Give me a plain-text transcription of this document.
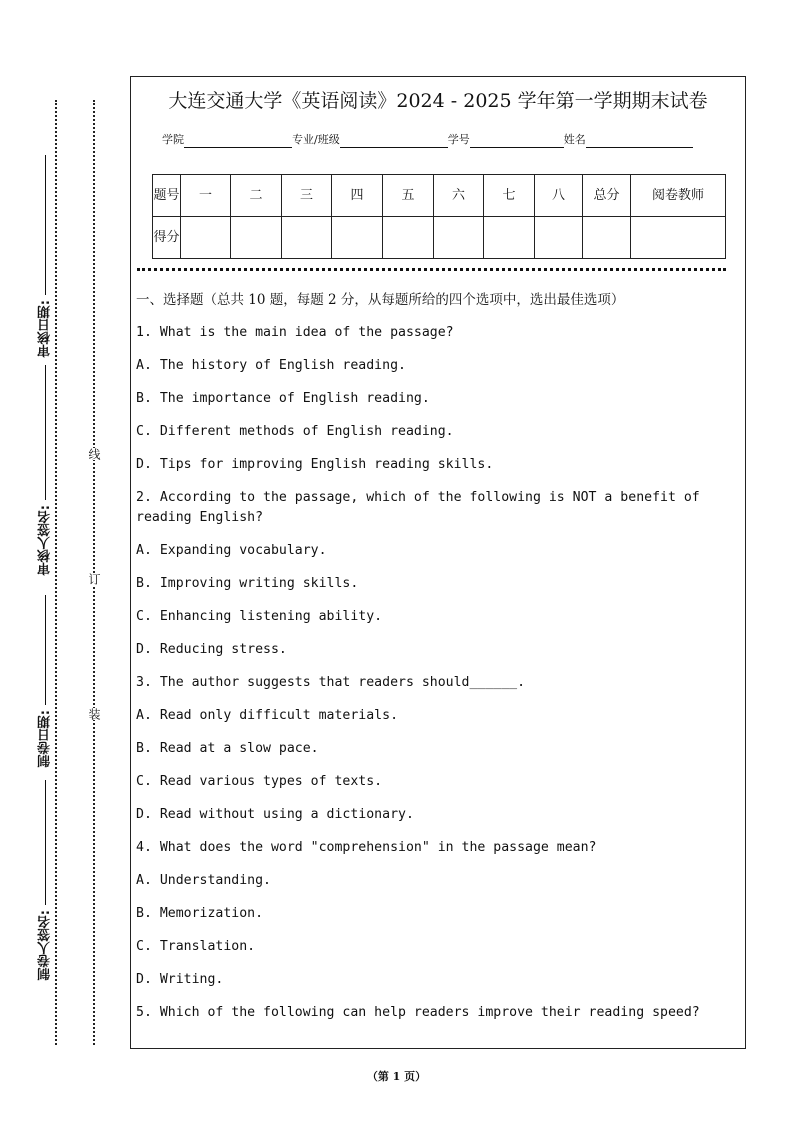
审核日期:
审核人签名:
制卷日期:
制卷人签名:
线
订
装
大连交通大学《英语阅读》2024 - 2025 学年第一学期期末试卷
学院	专业/班级	学号	姓名
题号	一	二	三	四	五	六	七	八	总分	阅卷教师
得分										
一、选择题（总共 10 题，每题 2 分，从每题所给的四个选项中，选出最佳选项）
1. What is the main idea of the passage?
A. The history of English reading.
B. The importance of English reading.
C. Different methods of English reading.
D. Tips for improving English reading skills.
2. According to the passage, which of the following is NOT a benefit of reading English?
A. Expanding vocabulary.
B. Improving writing skills.
C. Enhancing listening ability.
D. Reducing stress.
3. The author suggests that readers should______.
A. Read only difficult materials.
B. Read at a slow pace.
C. Read various types of texts.
D. Read without using a dictionary.
4. What does the word "comprehension" in the passage mean?
A. Understanding.
B. Memorization.
C. Translation.
D. Writing.
5. Which of the following can help readers improve their reading speed?
（第 1 页）
